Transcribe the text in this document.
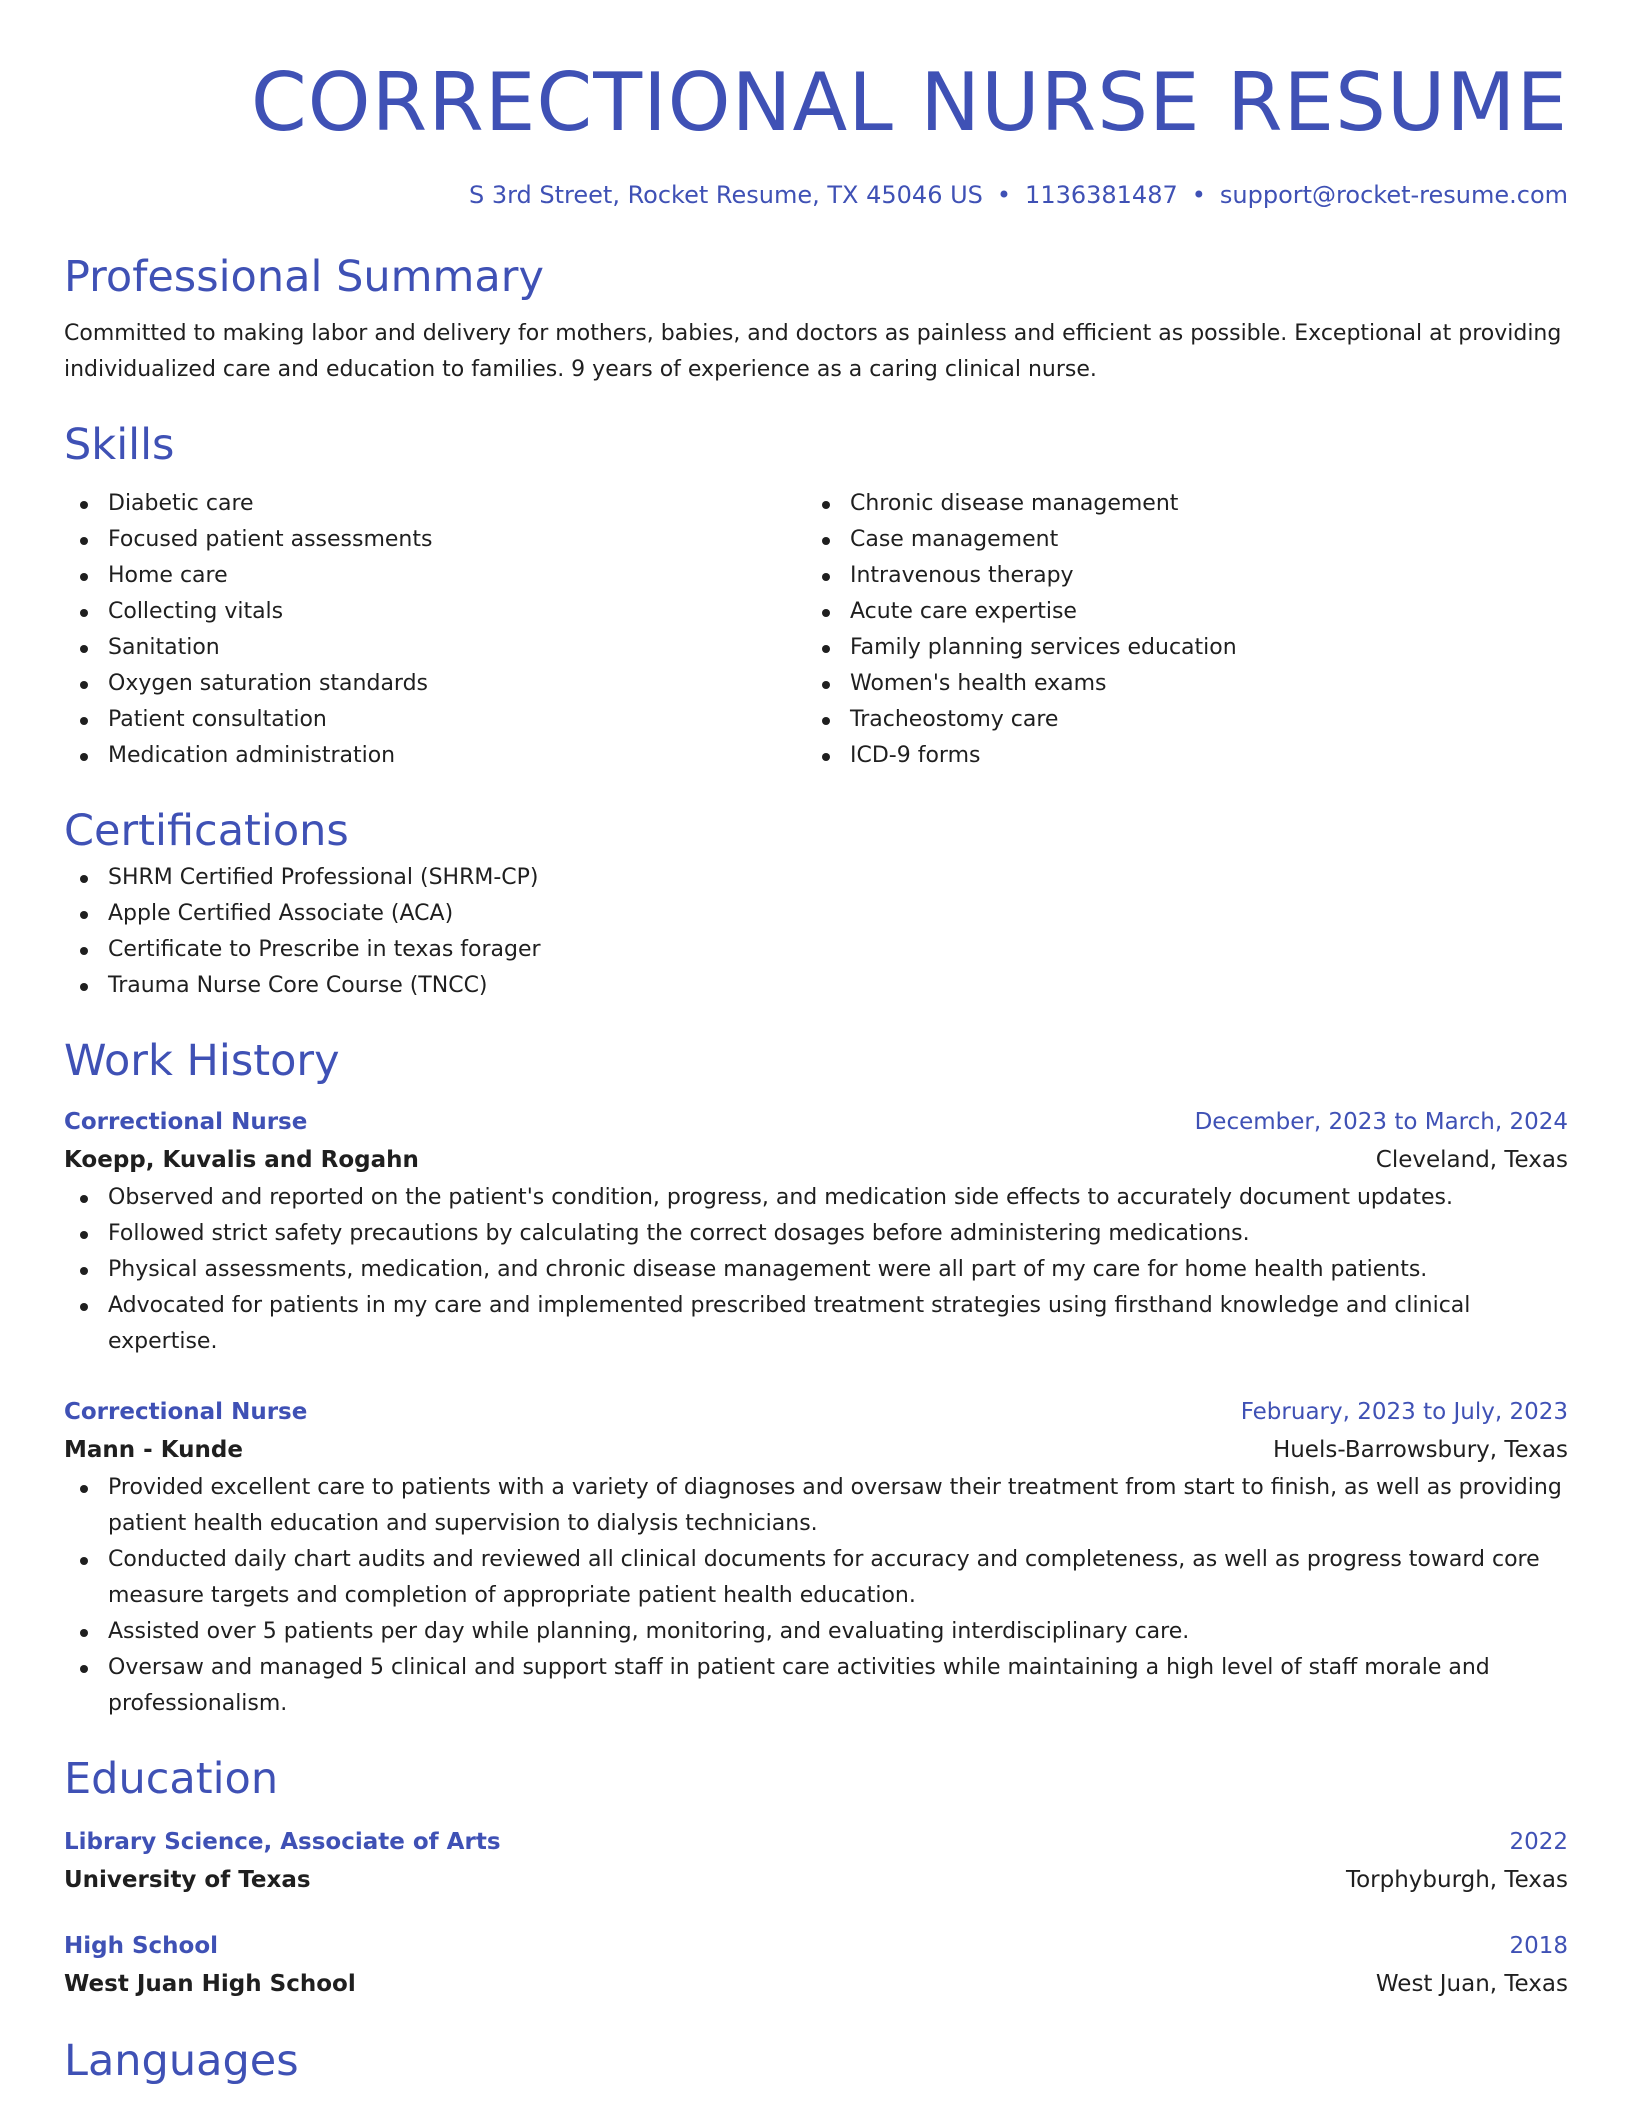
CORRECTIONAL NURSE RESUME
S 3rd Street, Rocket Resume, TX 45046 US • 1136381487 • support@rocket-resume.com
Professional Summary

Committed to making labor and delivery for mothers, babies, and doctors as painless and efficient as possible. Exceptional at providing individualized care and education to families. 9 years of experience as a caring clinical nurse.

Skills
Diabetic care
Focused patient assessments
Home care
Collecting vitals
Sanitation
Oxygen saturation standards
Patient consultation
Medication administration
Chronic disease management
Case management
Intravenous therapy
Acute care expertise
Family planning services education
Women's health exams
Tracheostomy care
ICD-9 forms
Certifications
SHRM Certified Professional (SHRM-CP)
Apple Certified Associate (ACA)
Certificate to Prescribe in texas forager
Trauma Nurse Core Course (TNCC)
Work History
Correctional Nurse	December, 2023 to March, 2024
Koepp, Kuvalis and Rogahn	Cleveland, Texas
Observed and reported on the patient's condition, progress, and medication side effects to accurately document updates.
Followed strict safety precautions by calculating the correct dosages before administering medications.
Physical assessments, medication, and chronic disease management were all part of my care for home health patients.
Advocated for patients in my care and implemented prescribed treatment strategies using firsthand knowledge and clinical expertise.
Correctional Nurse	February, 2023 to July, 2023
Mann - Kunde	Huels-Barrowsbury, Texas
Provided excellent care to patients with a variety of diagnoses and oversaw their treatment from start to finish, as well as providing patient health education and supervision to dialysis technicians.
Conducted daily chart audits and reviewed all clinical documents for accuracy and completeness, as well as progress toward core measure targets and completion of appropriate patient health education.
Assisted over 5 patients per day while planning, monitoring, and evaluating interdisciplinary care.
Oversaw and managed 5 clinical and support staff in patient care activities while maintaining a high level of staff morale and professionalism.
Education
Library Science, Associate of Arts	2022
University of Texas	Torphyburgh, Texas
High School	2018
West Juan High School	West Juan, Texas
Languages
